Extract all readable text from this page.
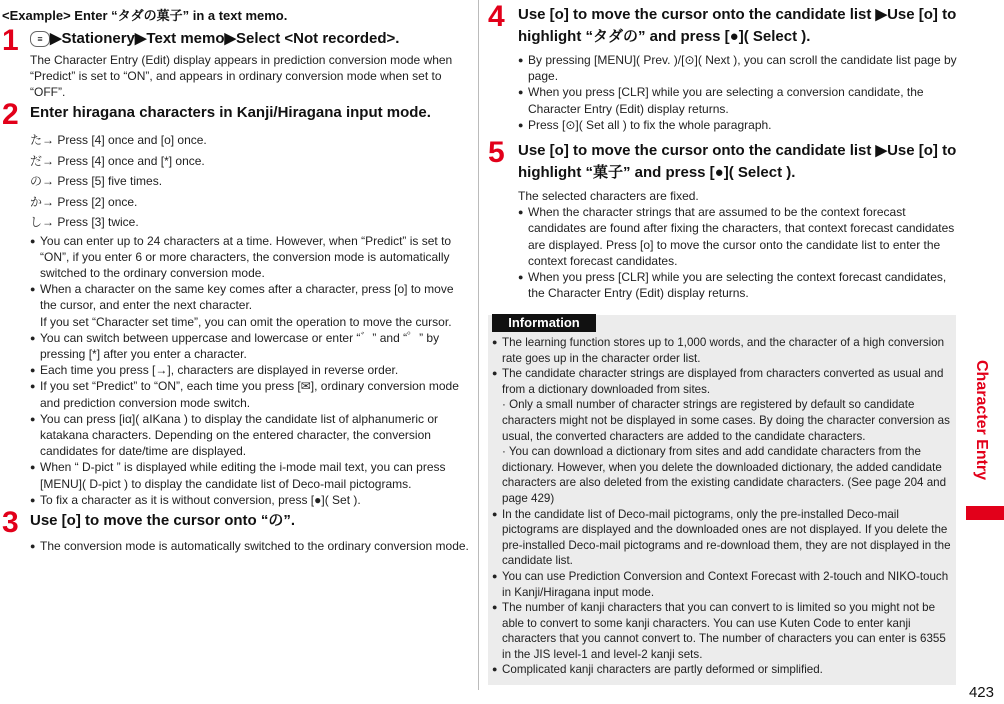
<Example> Enter “タダの菓子” in a text memo.
1	≡ ▶Stationery▶Text memo▶Select <Not recorded>.
The Character Entry (Edit) display appears in prediction conversion mode when “Predict” is set to “ON”, and appears in ordinary conversion mode when set to “OFF”.
2 Enter hiragana characters in Kanji/Hiragana input mode.
た→ Press [4] once and [o] once.
だ→ Press [4] once and [*] once.
の→ Press [5] five times.
か→ Press [2] once.
し→ Press [3] twice.
● You can enter up to 24 characters at a time. However, when “Predict” is set to “ON”, if you enter 6 or more characters, the conversion mode is automatically switched to the ordinary conversion mode.
● When a character on the same key comes after a character, press [o] to move the cursor, and enter the next character.
If you set “Character set time”, you can omit the operation to move the cursor.
● You can switch between uppercase and lowercase or enter “゛” and “゜” by pressing [*] after you enter a character.
● Each time you press [→], characters are displayed in reverse order.
● If you set “Predict” to “ON”, each time you press [✉], ordinary conversion mode and prediction conversion mode switch.
● You can press [iα]( aIKana ) to display the candidate list of alphanumeric or katakana characters. Depending on the entered character, the conversion candidates for date/time are displayed.
● When “ D-pict ” is displayed while editing the i-mode mail text, you can press [MENU]( D-pict ) to display the candidate list of Deco-mail pictograms.
● To fix a character as it is without conversion, press [●]( Set ).
3 Use [o] to move the cursor onto “の”.
● The conversion mode is automatically switched to the ordinary conversion mode.
4 Use [o] to move the cursor onto the candidate list ▶Use [o] to highlight “タダの” and press [●]( Select ).
● By pressing [MENU]( Prev. )/[⊙]( Next ), you can scroll the candidate list page by page.
● When you press [CLR] while you are selecting a conversion candidate, the Character Entry (Edit) display returns.
● Press [⊙]( Set all ) to fix the whole paragraph.
5 Use [o] to move the cursor onto the candidate list ▶Use [o] to highlight “菓子” and press [●]( Select ).
The selected characters are fixed.
● When the character strings that are assumed to be the context forecast candidates are found after fixing the characters, that context forecast candidates are displayed. Press [o] to move the cursor onto the candidate list to enter the context forecast candidates.
● When you press [CLR] while you are selecting the context forecast candidates, the Character Entry (Edit) display returns.
● The learning function stores up to 1,000 words, and the character of a high conversion rate goes up in the character order list.
● The candidate character strings are displayed from characters converted as usual and from a dictionary downloaded from sites.
· Only a small number of character strings are registered by default so candidate characters might not be displayed in some cases. By doing the character conversion as usual, the converted characters are added to the candidate characters.
· You can download a dictionary from sites and add candidate characters from the dictionary. However, when you delete the downloaded dictionary, the added candidate characters are also deleted from the existing candidate characters. (See page 204 and page 429)
● In the candidate list of Deco-mail pictograms, only the pre-installed Deco-mail pictograms are displayed and the downloaded ones are not displayed. If you delete the pre-installed Deco-mail pictograms and re-download them, they are not displayed in the candidate list.
● You can use Prediction Conversion and Context Forecast with 2-touch and NIKO-touch in Kanji/Hiragana input mode.
● The number of kanji characters that you can convert to is limited so you might not be able to convert to some kanji characters. You can use Kuten Code to enter kanji characters that you cannot convert to. The number of characters you can enter is 6355 in the JIS level-1 and level-2 kanji sets.
● Complicated kanji characters are partly deformed or simplified.
Information
Character Entry
423
